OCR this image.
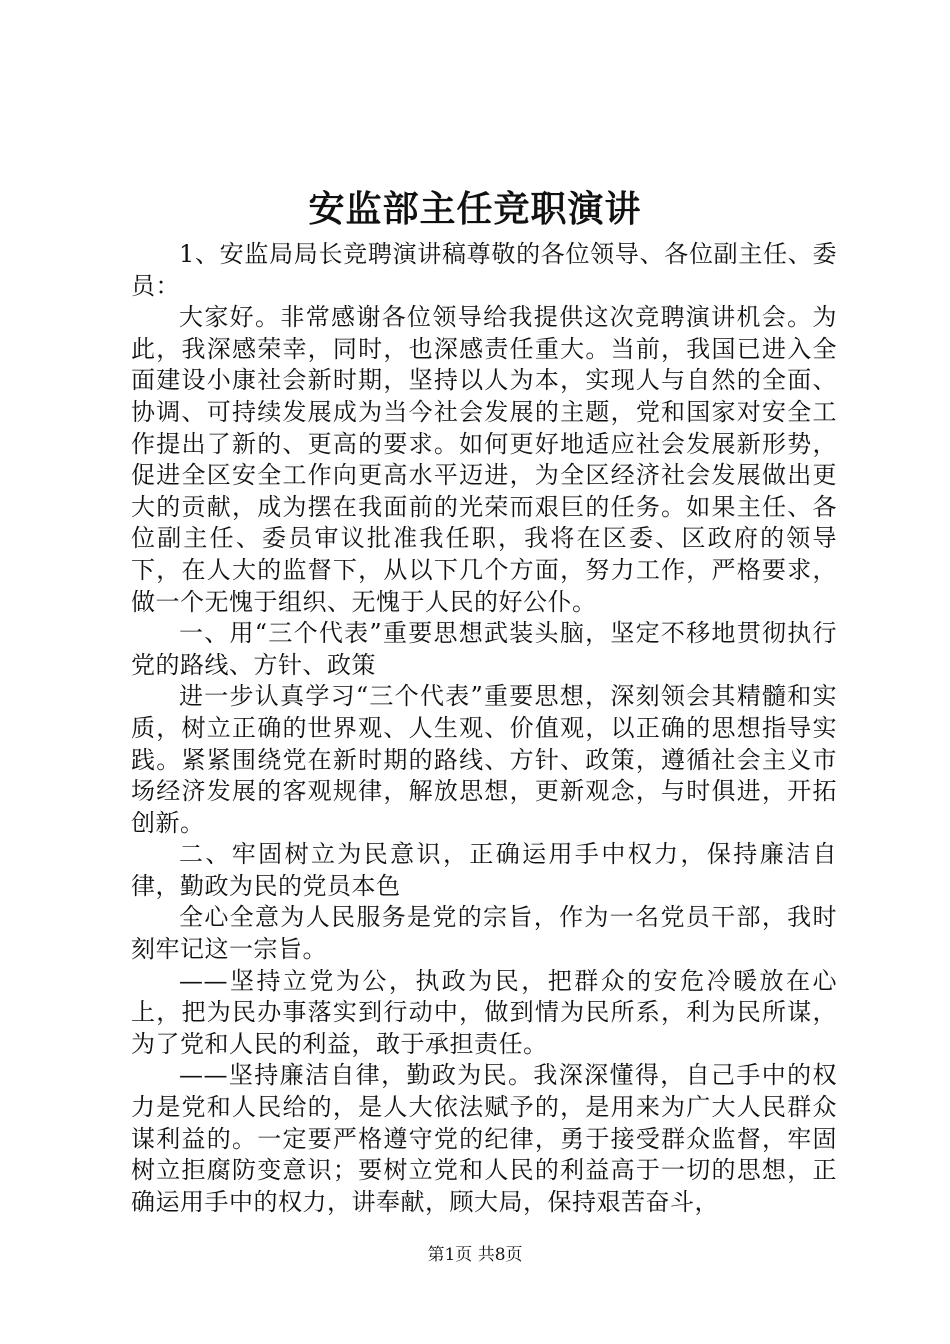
安监部主任竞职演讲

1、安监局局长竞聘演讲稿尊敬的各位领导、各位副主任、委员：

大家好。非常感谢各位领导给我提供这次竞聘演讲机会。为此，我深感荣幸，同时，也深感责任重大。当前，我国已进入全面建设小康社会新时期，坚持以人为本，实现人与自然的全面、协调、可持续发展成为当今社会发展的主题，党和国家对安全工作提出了新的、更高的要求。如何更好地适应社会发展新形势，促进全区安全工作向更高水平迈进，为全区经济社会发展做出更大的贡献，成为摆在我面前的光荣而艰巨的任务。如果主任、各位副主任、委员审议批准我任职，我将在区委、区政府的领导下，在人大的监督下，从以下几个方面，努力工作，严格要求，做一个无愧于组织、无愧于人民的好公仆。

一、用“三个代表”重要思想武装头脑，坚定不移地贯彻执行党的路线、方针、政策

进一步认真学习“三个代表”重要思想，深刻领会其精髓和实质，树立正确的世界观、人生观、价值观，以正确的思想指导实践。紧紧围绕党在新时期的路线、方针、政策，遵循社会主义市场经济发展的客观规律，解放思想，更新观念，与时俱进，开拓创新。

二、牢固树立为民意识，正确运用手中权力，保持廉洁自律，勤政为民的党员本色

全心全意为人民服务是党的宗旨，作为一名党员干部，我时刻牢记这一宗旨。

——坚持立党为公，执政为民，把群众的安危冷暖放在心上，把为民办事落实到行动中，做到情为民所系，利为民所谋，为了党和人民的利益，敢于承担责任。

——坚持廉洁自律，勤政为民。我深深懂得，自己手中的权力是党和人民给的，是人大依法赋予的，是用来为广大人民群众谋利益的。一定要严格遵守党的纪律，勇于接受群众监督，牢固树立拒腐防变意识；要树立党和人民的利益高于一切的思想，正确运用手中的权力，讲奉献，顾大局，保持艰苦奋斗，

第1页 共8页
